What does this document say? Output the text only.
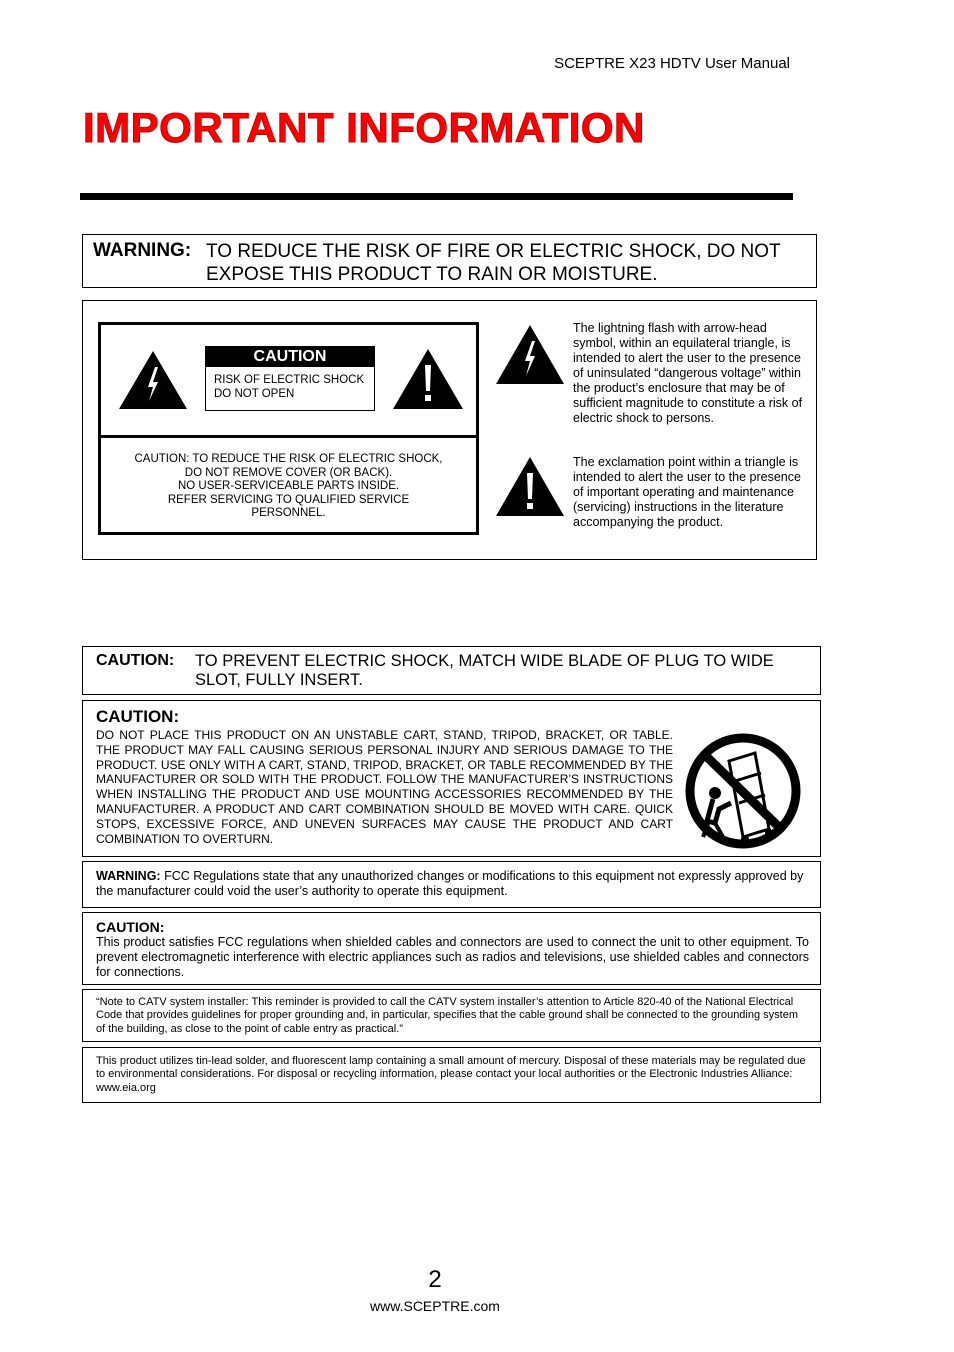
SCEPTRE X23 HDTV User Manual
IMPORTANT INFORMATION
WARNING: TO REDUCE THE RISK OF FIRE OR ELECTRIC SHOCK, DO NOT EXPOSE THIS PRODUCT TO RAIN OR MOISTURE.
CAUTION
RISK OF ELECTRIC SHOCK
DO NOT OPEN
CAUTION: TO REDUCE THE RISK OF ELECTRIC SHOCK,
DO NOT REMOVE COVER (OR BACK).
NO USER-SERVICEABLE PARTS INSIDE.
REFER SERVICING TO QUALIFIED SERVICE
PERSONNEL.
The lightning flash with arrow-head symbol, within an equilateral triangle, is intended to alert the user to the presence of uninsulated “dangerous voltage” within the product’s enclosure that may be of sufficient magnitude to constitute a risk of electric shock to persons.
The exclamation point within a triangle is intended to alert the user to the presence of important operating and maintenance (servicing) instructions in the literature accompanying the product.
CAUTION: TO PREVENT ELECTRIC SHOCK, MATCH WIDE BLADE OF PLUG TO WIDE SLOT, FULLY INSERT.
CAUTION:
DO NOT PLACE THIS PRODUCT ON AN UNSTABLE CART, STAND, TRIPOD, BRACKET, OR TABLE. THE PRODUCT MAY FALL CAUSING SERIOUS PERSONAL INJURY AND SERIOUS DAMAGE TO THE PRODUCT. USE ONLY WITH A CART, STAND, TRIPOD, BRACKET, OR TABLE RECOMMENDED BY THE MANUFACTURER OR SOLD WITH THE PRODUCT. FOLLOW THE MANUFACTURER’S INSTRUCTIONS WHEN INSTALLING THE PRODUCT AND USE MOUNTING ACCESSORIES RECOMMENDED BY THE MANUFACTURER. A PRODUCT AND CART COMBINATION SHOULD BE MOVED WITH CARE. QUICK STOPS, EXCESSIVE FORCE, AND UNEVEN SURFACES MAY CAUSE THE PRODUCT AND CART COMBINATION TO OVERTURN.
WARNING: FCC Regulations state that any unauthorized changes or modifications to this equipment not expressly approved by the manufacturer could void the user’s authority to operate this equipment.
CAUTION:
This product satisfies FCC regulations when shielded cables and connectors are used to connect the unit to other equipment. To prevent electromagnetic interference with electric appliances such as radios and televisions, use shielded cables and connectors for connections.
“Note to CATV system installer: This reminder is provided to call the CATV system installer’s attention to Article 820-40 of the National Electrical Code that provides guidelines for proper grounding and, in particular, specifies that the cable ground shall be connected to the grounding system of the building, as close to the point of cable entry as practical.”
This product utilizes tin-lead solder, and fluorescent lamp containing a small amount of mercury. Disposal of these materials may be regulated due to environmental considerations. For disposal or recycling information, please contact your local authorities or the Electronic Industries Alliance: www.eia.org
2
www.SCEPTRE.com
